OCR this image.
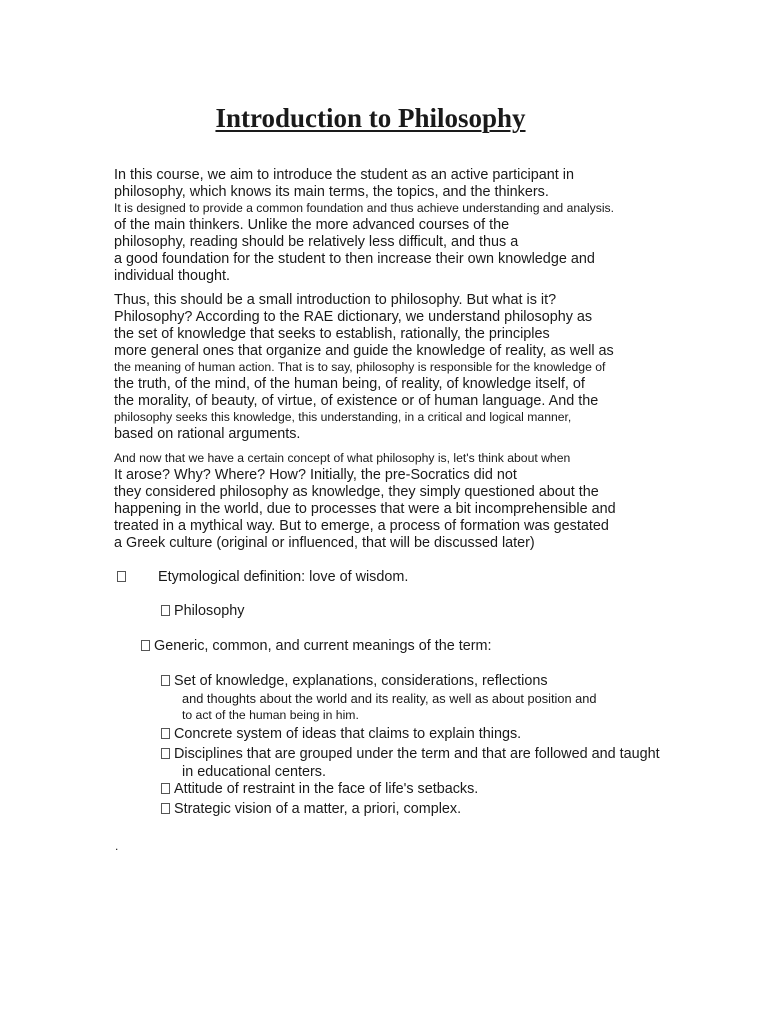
Introduction to Philosophy
In this course, we aim to introduce the student as an active participant in
philosophy, which knows its main terms, the topics, and the thinkers.
It is designed to provide a common foundation and thus achieve understanding and analysis.
of the main thinkers. Unlike the more advanced courses of the
philosophy, reading should be relatively less difficult, and thus a
a good foundation for the student to then increase their own knowledge and
individual thought.
Thus, this should be a small introduction to philosophy. But what is it?
Philosophy? According to the RAE dictionary, we understand philosophy as
the set of knowledge that seeks to establish, rationally, the principles
more general ones that organize and guide the knowledge of reality, as well as
the meaning of human action. That is to say, philosophy is responsible for the knowledge of
the truth, of the mind, of the human being, of reality, of knowledge itself, of
the morality, of beauty, of virtue, of existence or of human language. And the
philosophy seeks this knowledge, this understanding, in a critical and logical manner,
based on rational arguments.
And now that we have a certain concept of what philosophy is, let's think about when
It arose? Why? Where? How? Initially, the pre-Socratics did not
they considered philosophy as knowledge, they simply questioned about the
happening in the world, due to processes that were a bit incomprehensible and
treated in a mythical way. But to emerge, a process of formation was gestated
a Greek culture (original or influenced, that will be discussed later)
Etymological definition: love of wisdom.
Philosophy
Generic, common, and current meanings of the term:
Set of knowledge, explanations, considerations, reflections
and thoughts about the world and its reality, as well as about position and
to act of the human being in him.
Concrete system of ideas that claims to explain things.
Disciplines that are grouped under the term and that are followed and taught
in educational centers.
Attitude of restraint in the face of life's setbacks.
Strategic vision of a matter, a priori, complex.
.
